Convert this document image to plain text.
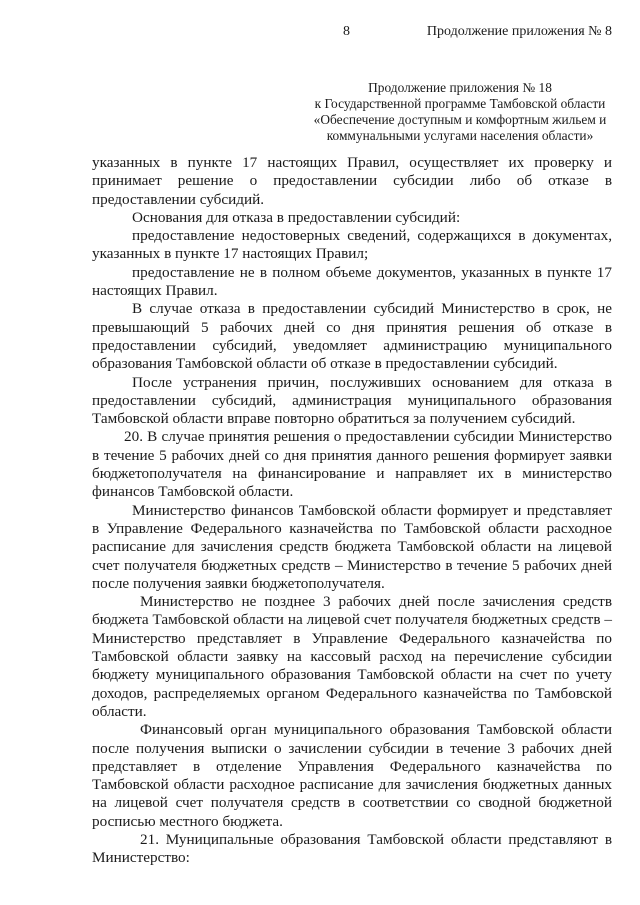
8	Продолжение приложения № 8
Продолжение приложения № 18
к Государственной программе Тамбовской области
«Обеспечение доступным и комфортным жильем и
коммунальными услугами населения области»

указанных в пункте 17 настоящих Правил, осуществляет их проверку и принимает решение о предоставлении субсидии либо об отказе в предоставлении субсидий.

Основания для отказа в предоставлении субсидий:

предоставление недостоверных сведений, содержащихся в документах, указанных в пункте 17 настоящих Правил;

предоставление не в полном объеме документов, указанных в пункте 17 настоящих Правил.

В случае отказа в предоставлении субсидий Министерство в срок, не превышающий 5 рабочих дней со дня принятия решения об отказе в предоставлении субсидий, уведомляет администрацию муниципального образования Тамбовской области об отказе в предоставлении субсидий.

После устранения причин, послуживших основанием для отказа в предоставлении субсидий, администрация муниципального образования Тамбовской области вправе повторно обратиться за получением субсидий.

20. В случае принятия решения о предоставлении субсидии Министерство в течение 5 рабочих дней со дня принятия данного решения формирует заявки бюджетополучателя на финансирование и направляет их в министерство финансов Тамбовской области.

Министерство финансов Тамбовской области формирует и представляет в Управление Федерального казначейства по Тамбовской области расходное расписание для зачисления средств бюджета Тамбовской области на лицевой счет получателя бюджетных средств – Министерство в течение 5 рабочих дней после получения заявки бюджетополучателя.

Министерство не позднее 3 рабочих дней после зачисления средств бюджета Тамбовской области на лицевой счет получателя бюджетных средств – Министерство представляет в Управление Федерального казначейства по Тамбовской области заявку на кассовый расход на перечисление субсидии бюджету муниципального образования Тамбовской области на счет по учету доходов, распределяемых органом Федерального казначейства по Тамбовской области.

Финансовый орган муниципального образования Тамбовской области после получения выписки о зачислении субсидии в течение 3 рабочих дней представляет в отделение Управления Федерального казначейства по Тамбовской области расходное расписание для зачисления бюджетных данных на лицевой счет получателя средств в соответствии со сводной бюджетной росписью местного бюджета.

21. Муниципальные образования Тамбовской области представляют в Министерство:
